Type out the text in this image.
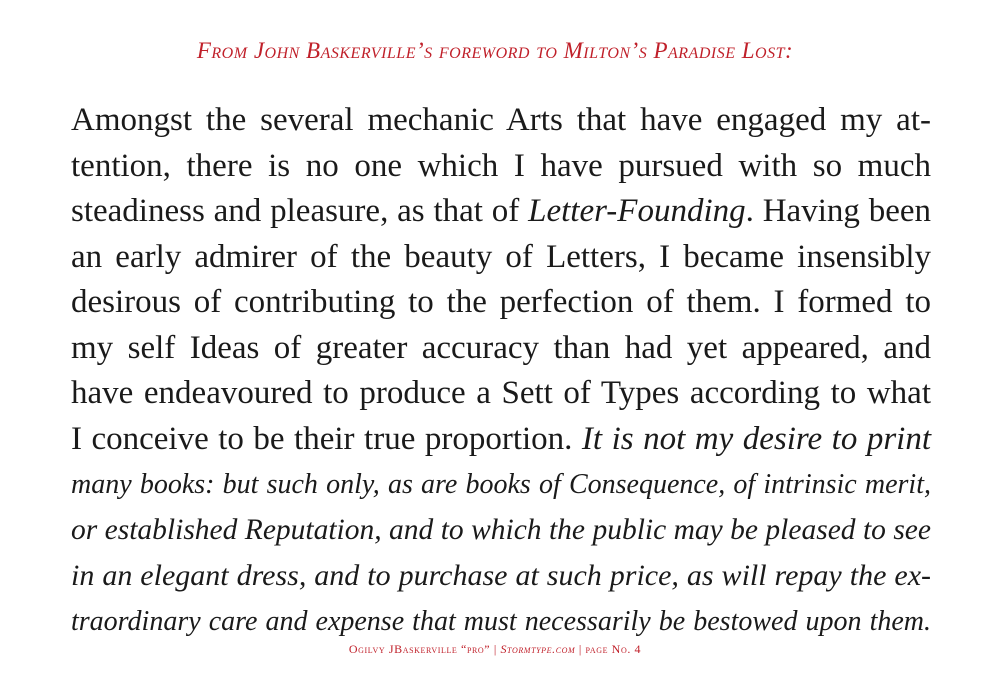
From John Baskerville’s foreword to Milton’s Paradise Lost:
Amongst the several mechanic Arts that have engaged my at-
tention, there is no one which I have pursued with so much
steadiness and pleasure, as that of Letter-Founding. Having been
an early admirer of the beauty of Letters, I became insensibly
desirous of contributing to the perfection of them. I formed to
my self Ideas of greater accuracy than had yet appeared, and
have endeavoured to produce a Sett of Types according to what
I conceive to be their true proportion. It is not my desire to print
many books: but such only, as are books of Consequence, of intrinsic merit,
or established Reputation, and to which the public may be pleased to see
in an elegant dress, and to purchase at such price, as will repay the ex-
traordinary care and expense that must necessarily be bestowed upon them.
Ogilvy JBaskerville “pro” | Stormtype.com | page No. 4
